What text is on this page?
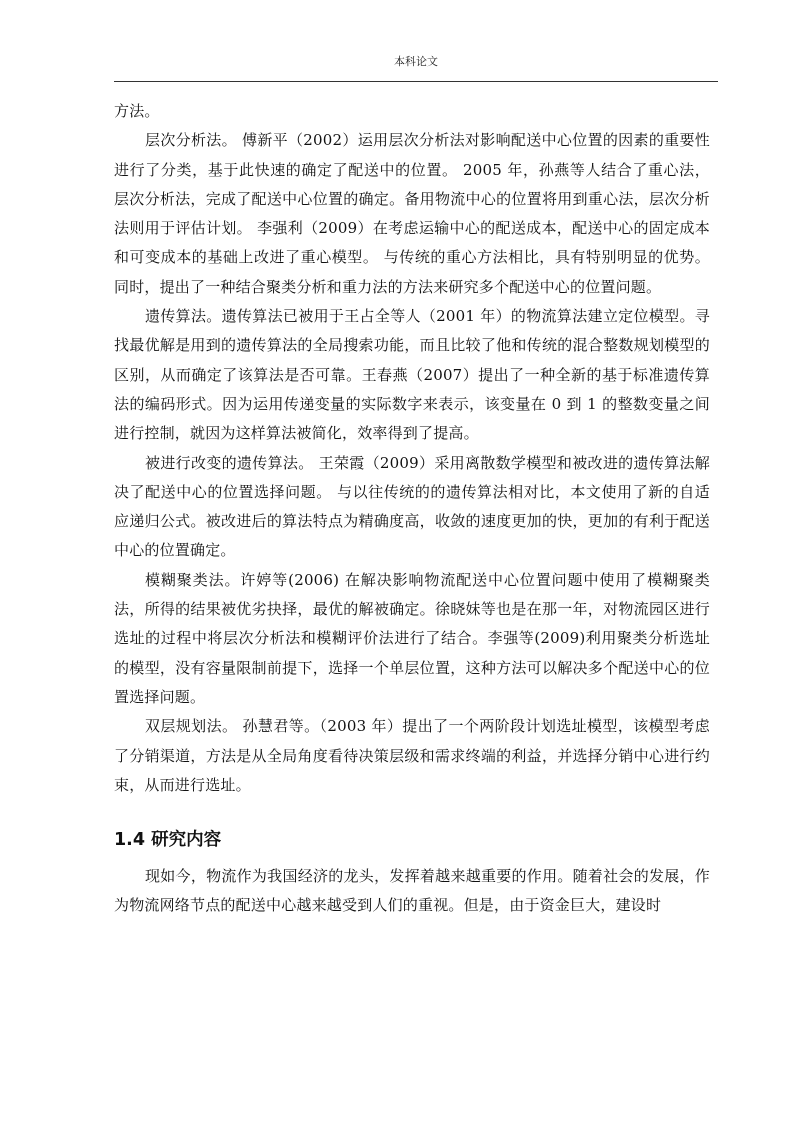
本科论文

方法。

层次分析法。 傅新平（2002）运用层次分析法对影响配送中心位置的因素的重要性进行了分类，基于此快速的确定了配送中的位置。 2005 年，孙燕等人结合了重心法，层次分析法，完成了配送中心位置的确定。备用物流中心的位置将用到重心法，层次分析法则用于评估计划。 李强利（2009）在考虑运输中心的配送成本，配送中心的固定成本和可变成本的基础上改进了重心模型。 与传统的重心方法相比，具有特别明显的优势。 同时，提出了一种结合聚类分析和重力法的方法来研究多个配送中心的位置问题。

遗传算法。遗传算法已被用于王占全等人（2001 年）的物流算法建立定位模型。寻找最优解是用到的遗传算法的全局搜索功能，而且比较了他和传统的混合整数规划模型的区别，从而确定了该算法是否可靠。王春燕（2007）提出了一种全新的基于标准遗传算法的编码形式。因为运用传递变量的实际数字来表示，该变量在 0 到 1 的整数变量之间进行控制，就因为这样算法被简化，效率得到了提高。

被进行改变的遗传算法。 王荣霞（2009）采用离散数学模型和被改进的遗传算法解决了配送中心的位置选择问题。 与以往传统的的遗传算法相对比，本文使用了新的自适应递归公式。被改进后的算法特点为精确度高，收敛的速度更加的快，更加的有利于配送中心的位置确定。

模糊聚类法。许婷等(2006) 在解决影响物流配送中心位置问题中使用了模糊聚类法，所得的结果被优劣抉择，最优的解被确定。徐晓妹等也是在那一年，对物流园区进行选址的过程中将层次分析法和模糊评价法进行了结合。李强等(2009)利用聚类分析选址的模型，没有容量限制前提下，选择一个单层位置，这种方法可以解决多个配送中心的位置选择问题。

双层规划法。 孙慧君等。（2003 年）提出了一个两阶段计划选址模型，该模型考虑了分销渠道，方法是从全局角度看待决策层级和需求终端的利益，并选择分销中心进行约束，从而进行选址。

1.4 研究内容

现如今，物流作为我国经济的龙头，发挥着越来越重要的作用。随着社会的发展，作为物流网络节点的配送中心越来越受到人们的重视。但是，由于资金巨大，建设时
